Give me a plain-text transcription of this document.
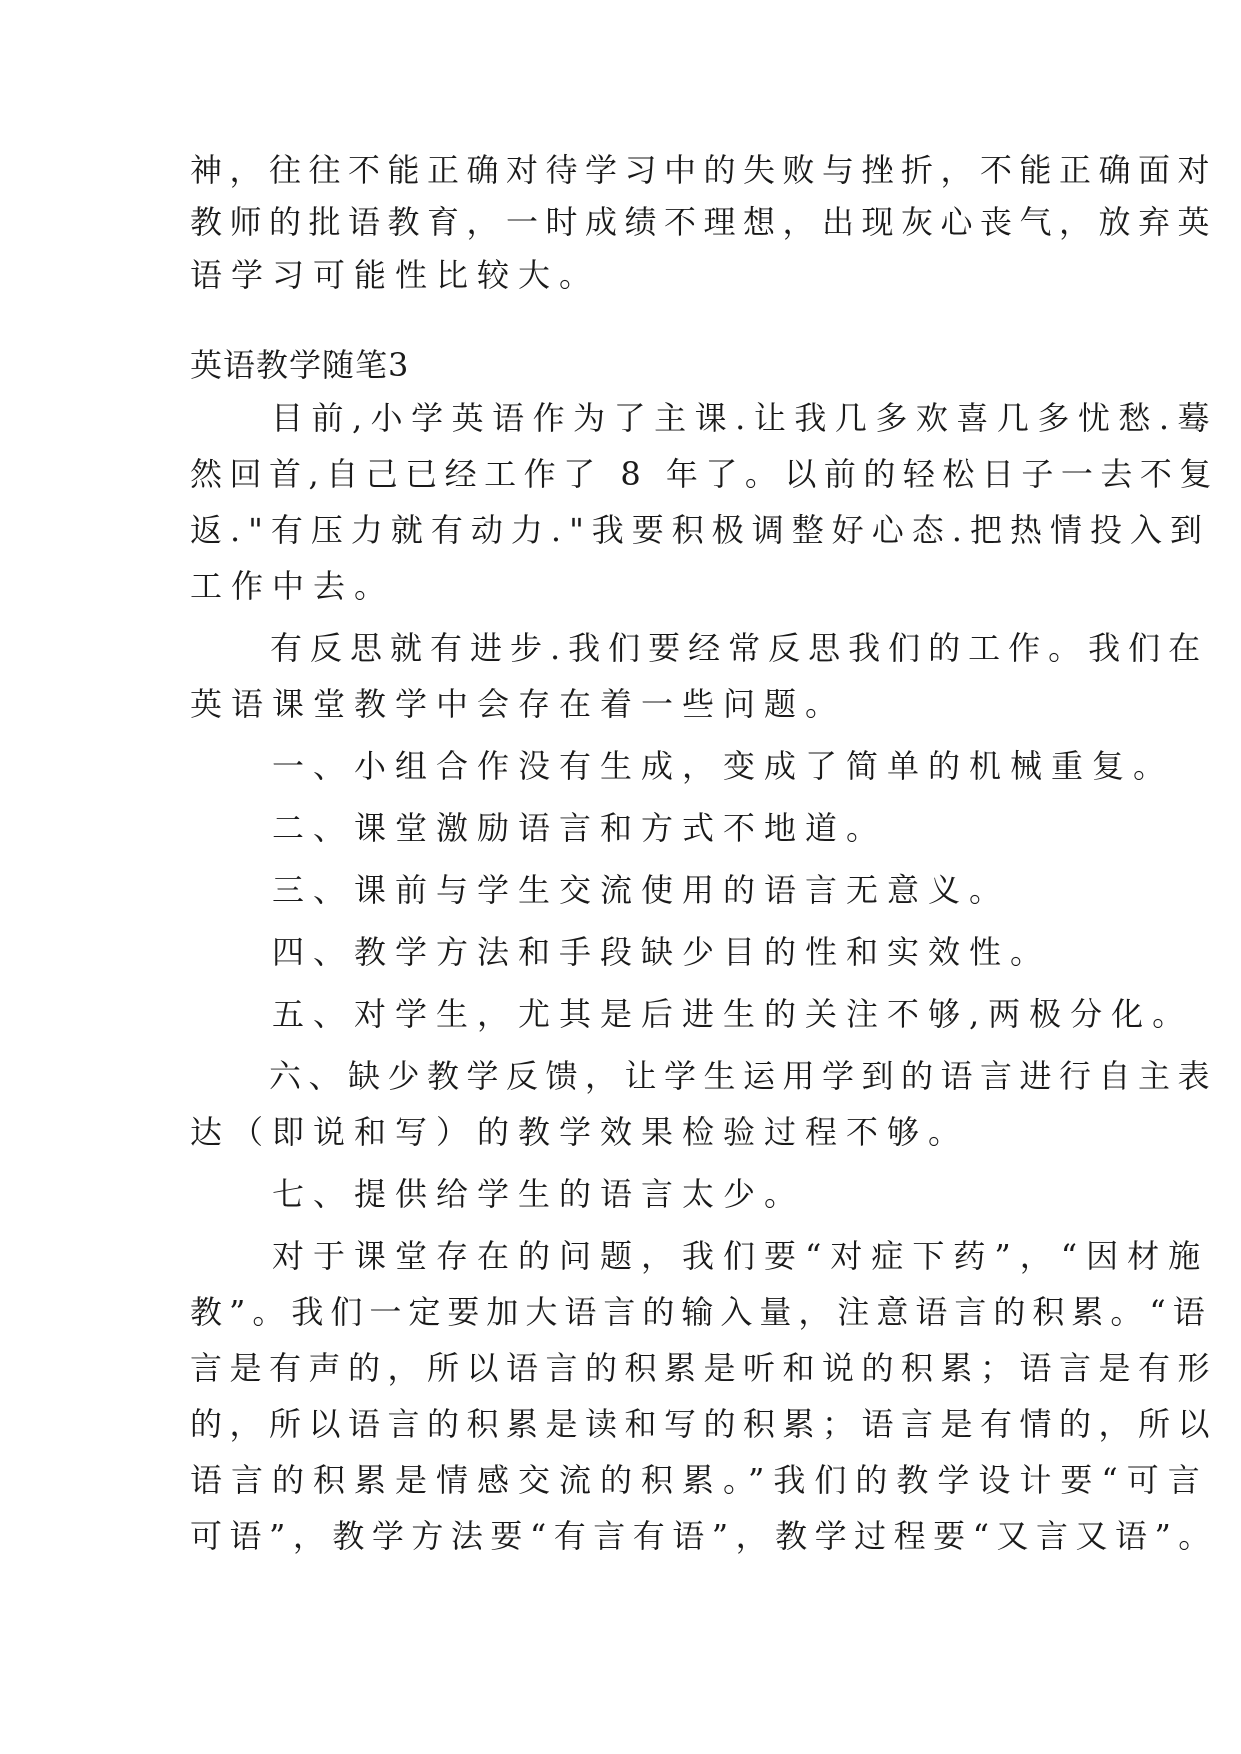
神，往往不能正确对待学习中的失败与挫折，不能正确面对
教师的批语教育，一时成绩不理想，出现灰心丧气，放弃英
语学习可能性比较大。
英语教学随笔3
　　目前,小学英语作为了主课.让我几多欢喜几多忧愁.蓦
然回首,自己已经工作了 8 年了。以前的轻松日子一去不复
返."有压力就有动力."我要积极调整好心态.把热情投入到
工作中去。
　　有反思就有进步.我们要经常反思我们的工作。我们在
英语课堂教学中会存在着一些问题。
　　一、小组合作没有生成，变成了简单的机械重复。
　　二、课堂激励语言和方式不地道。
　　三、课前与学生交流使用的语言无意义。
　　四、教学方法和手段缺少目的性和实效性。
　　五、对学生，尤其是后进生的关注不够,两极分化。
　　六、缺少教学反馈，让学生运用学到的语言进行自主表
达（即说和写）的教学效果检验过程不够。
　　七、提供给学生的语言太少。
　　对于课堂存在的问题，我们要“对症下药”，“因材施
教”。我们一定要加大语言的输入量，注意语言的积累。“语
言是有声的，所以语言的积累是听和说的积累；语言是有形
的，所以语言的积累是读和写的积累；语言是有情的，所以
语言的积累是情感交流的积累。”我们的教学设计要“可言
可语”，教学方法要“有言有语”，教学过程要“又言又语”。
